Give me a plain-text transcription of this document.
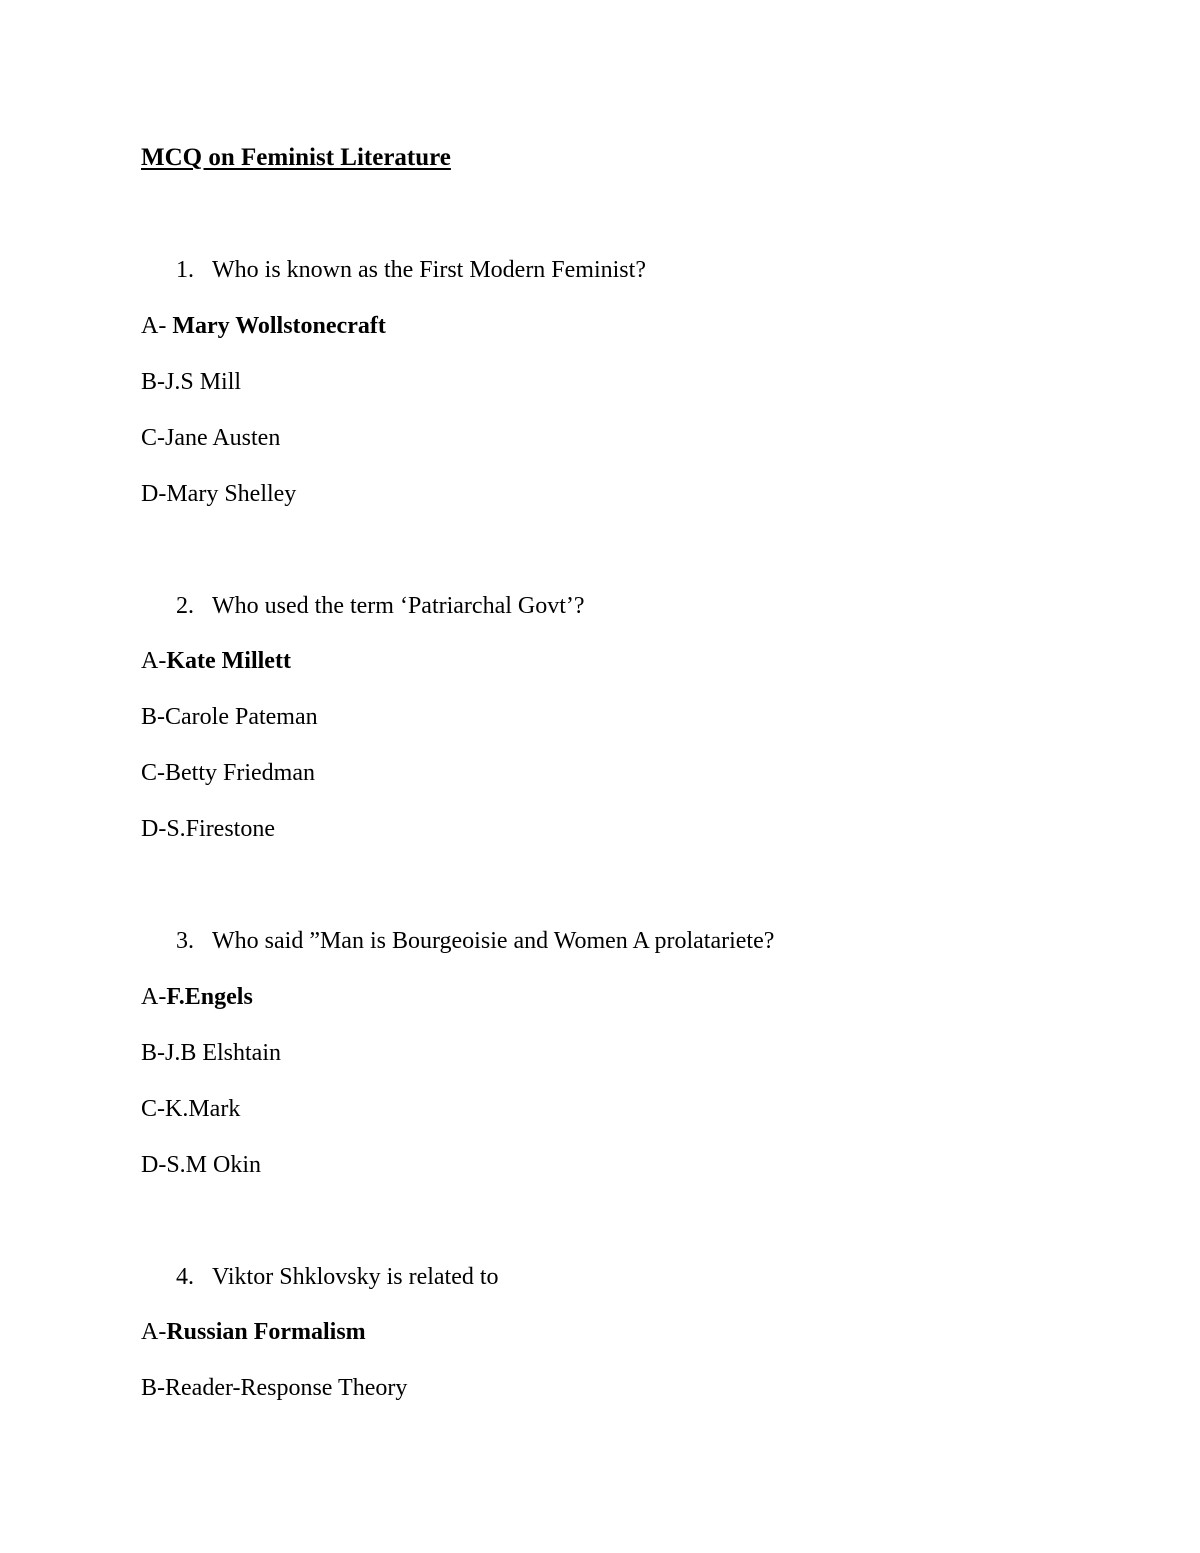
MCQ on Feminist Literature
1. Who is known as the First Modern Feminist?
A- Mary Wollstonecraft
B-J.S Mill
C-Jane Austen
D-Mary Shelley
2. Who used the term ‘Patriarchal Govt’?
A-Kate Millett
B-Carole Pateman
C-Betty Friedman
D-S.Firestone
3. Who said ”Man is Bourgeoisie and Women A prolatariete?
A-F.Engels
B-J.B Elshtain
C-K.Mark
D-S.M Okin
4. Viktor Shklovsky is related to
A-Russian Formalism
B-Reader-Response Theory
